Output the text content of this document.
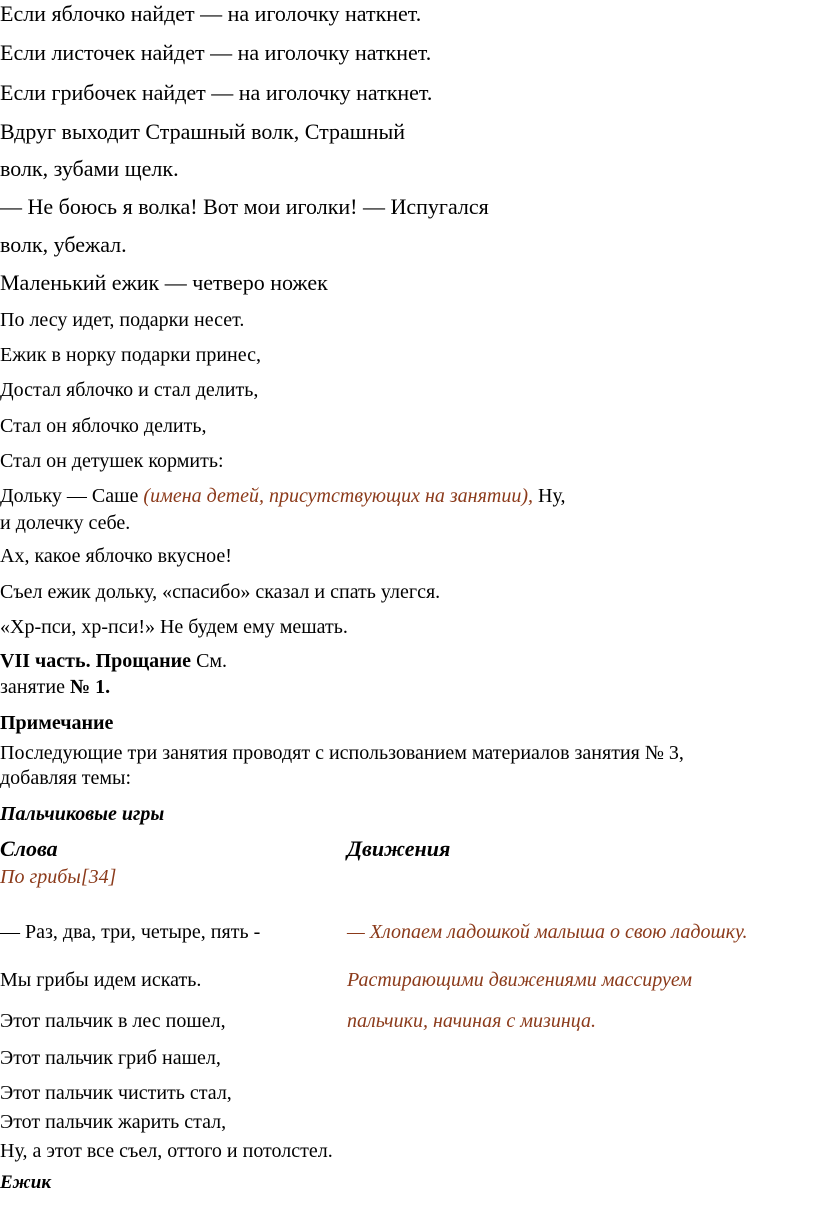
Если яблочко найдет — на иголочку наткнет.
Если листочек найдет — на иголочку наткнет.
Если грибочек найдет — на иголочку наткнет.
Вдруг выходит Страшный волк, Страшный
волк, зубами щелк.
— Не боюсь я волка! Вот мои иголки! — Испугался
волк, убежал.
Маленький ежик — четверо ножек
По лесу идет, подарки несет.
Ежик в норку подарки принес,
Достал яблочко и стал делить,
Стал он яблочко делить,
Стал он детушек кормить:
Дольку — Саше (имена детей, присутствующих на занятии), Ну,
и долечку себе.
Ах, какое яблочко вкусное!
Съел ежик дольку, «спасибо» сказал и спать улегся.
«Хр-пси, хр-пси!» Не будем ему мешать.
VII часть. Прощание См.
занятие № 1.
Примечание
Последующие три занятия проводят с использованием материалов занятия № 3,
добавляя темы:
Пальчиковые игры
Слова	Движения
По грибы[34]
— Раз, два, три, четыре, пять -	— Хлопаем ладошкой малыша о свою ладошку.
Мы грибы идем искать.	Растирающими движениями массируем
Этот пальчик в лес пошел,	пальчики, начиная с мизинца.
Этот пальчик гриб нашел,
Этот пальчик чистить стал,
Этот пальчик жарить стал,
Ну, а этот все съел, оттого и потолстел.
Ежик
